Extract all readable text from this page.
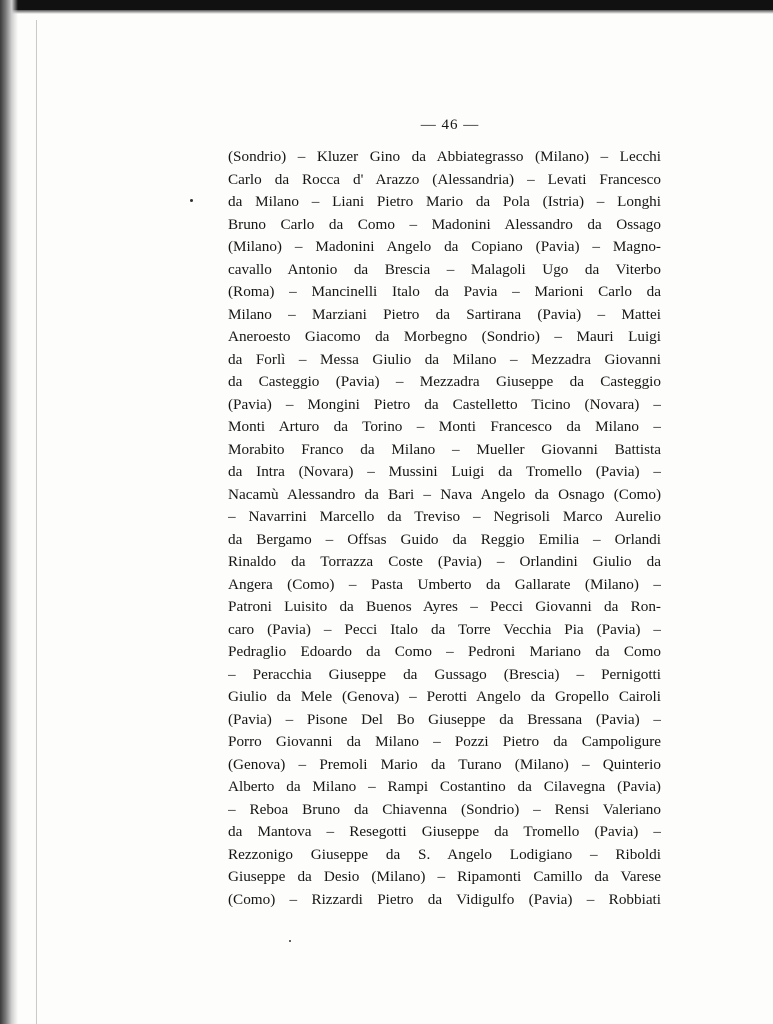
— 46 —
(Sondrio) – Kluzer Gino da Abbiategrasso (Milano) – Lecchi
Carlo da Rocca d' Arazzo (Alessandria) – Levati Francesco
da Milano – Liani Pietro Mario da Pola (Istria) – Longhi
Bruno Carlo da Como – Madonini Alessandro da Ossago
(Milano) – Madonini Angelo da Copiano (Pavia) – Magno-
cavallo Antonio da Brescia – Malagoli Ugo da Viterbo
(Roma) – Mancinelli Italo da Pavia – Marioni Carlo da
Milano – Marziani Pietro da Sartirana (Pavia) – Mattei
Aneroesto Giacomo da Morbegno (Sondrio) – Mauri Luigi
da Forlì – Messa Giulio da Milano – Mezzadra Giovanni
da Casteggio (Pavia) – Mezzadra Giuseppe da Casteggio
(Pavia) – Mongini Pietro da Castelletto Ticino (Novara) –
Monti Arturo da Torino – Monti Francesco da Milano –
Morabito Franco da Milano – Mueller Giovanni Battista
da Intra (Novara) – Mussini Luigi da Tromello (Pavia) –
Nacamù Alessandro da Bari – Nava Angelo da Osnago (Como)
– Navarrini Marcello da Treviso – Negrisoli Marco Aurelio
da Bergamo – Offsas Guido da Reggio Emilia – Orlandi
Rinaldo da Torrazza Coste (Pavia) – Orlandini Giulio da
Angera (Como) – Pasta Umberto da Gallarate (Milano) –
Patroni Luisito da Buenos Ayres – Pecci Giovanni da Ron-
caro (Pavia) – Pecci Italo da Torre Vecchia Pia (Pavia) –
Pedraglio Edoardo da Como – Pedroni Mariano da Como
– Peracchia Giuseppe da Gussago (Brescia) – Pernigotti
Giulio da Mele (Genova) – Perotti Angelo da Gropello Cairoli
(Pavia) – Pisone Del Bo Giuseppe da Bressana (Pavia) –
Porro Giovanni da Milano – Pozzi Pietro da Campoligure
(Genova) – Premoli Mario da Turano (Milano) – Quinterio
Alberto da Milano – Rampi Costantino da Cilavegna (Pavia)
– Reboa Bruno da Chiavenna (Sondrio) – Rensi Valeriano
da Mantova – Resegotti Giuseppe da Tromello (Pavia) –
Rezzonigo Giuseppe da S. Angelo Lodigiano – Riboldi
Giuseppe da Desio (Milano) – Ripamonti Camillo da Varese
(Como) – Rizzardi Pietro da Vidigulfo (Pavia) – Robbiati
